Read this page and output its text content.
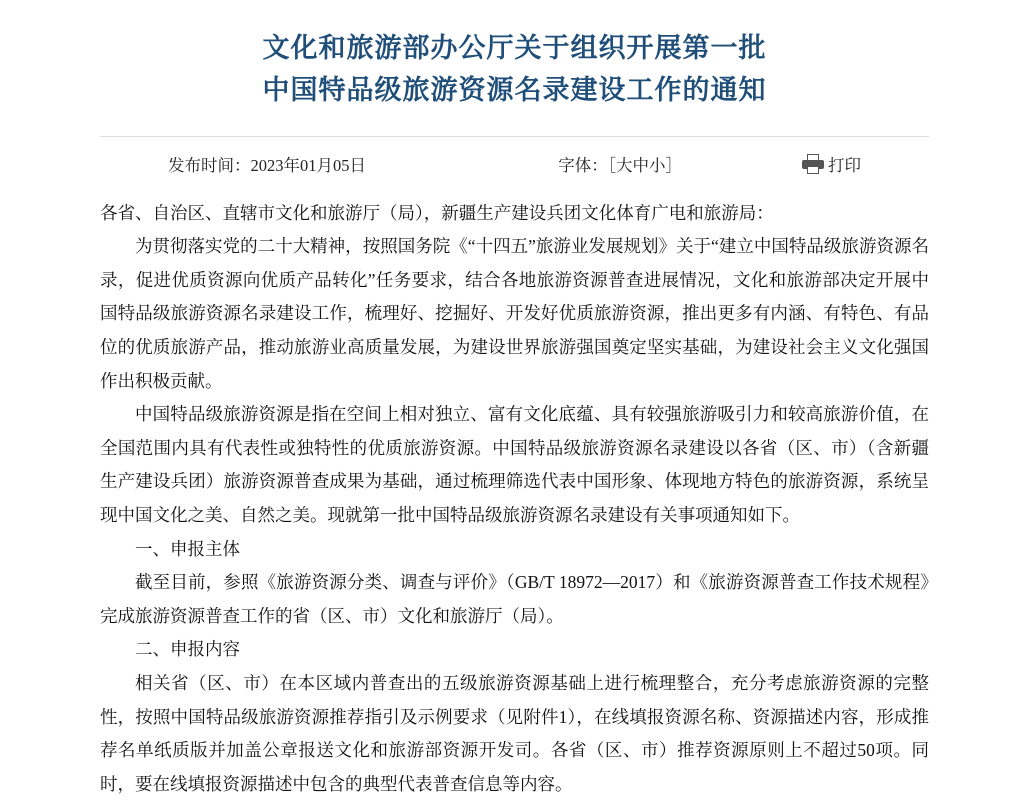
文化和旅游部办公厅关于组织开展第一批
中国特品级旅游资源名录建设工作的通知
发布时间：2023年01月05日	字体：［大中小］	打印

各省、自治区、直辖市文化和旅游厅（局），新疆生产建设兵团文化体育广电和旅游局：

为贯彻落实党的二十大精神，按照国务院《“十四五”旅游业发展规划》关于“建立中国特品级旅游资源名录，促进优质资源向优质产品转化”任务要求，结合各地旅游资源普查进展情况，文化和旅游部决定开展中国特品级旅游资源名录建设工作，梳理好、挖掘好、开发好优质旅游资源，推出更多有内涵、有特色、有品位的优质旅游产品，推动旅游业高质量发展，为建设世界旅游强国奠定坚实基础，为建设社会主义文化强国作出积极贡献。

中国特品级旅游资源是指在空间上相对独立、富有文化底蕴、具有较强旅游吸引力和较高旅游价值，在全国范围内具有代表性或独特性的优质旅游资源。中国特品级旅游资源名录建设以各省（区、市）（含新疆生产建设兵团）旅游资源普查成果为基础，通过梳理筛选代表中国形象、体现地方特色的旅游资源，系统呈现中国文化之美、自然之美。现就第一批中国特品级旅游资源名录建设有关事项通知如下。

一、申报主体

截至目前，参照《旅游资源分类、调查与评价》（GB/T 18972—2017）和《旅游资源普查工作技术规程》完成旅游资源普查工作的省（区、市）文化和旅游厅（局）。

二、申报内容

相关省（区、市）在本区域内普查出的五级旅游资源基础上进行梳理整合，充分考虑旅游资源的完整性，按照中国特品级旅游资源推荐指引及示例要求（见附件1），在线填报资源名称、资源描述内容，形成推荐名单纸质版并加盖公章报送文化和旅游部资源开发司。各省（区、市）推荐资源原则上不超过50项。同时，要在线填报资源描述中包含的典型代表普查信息等内容。
